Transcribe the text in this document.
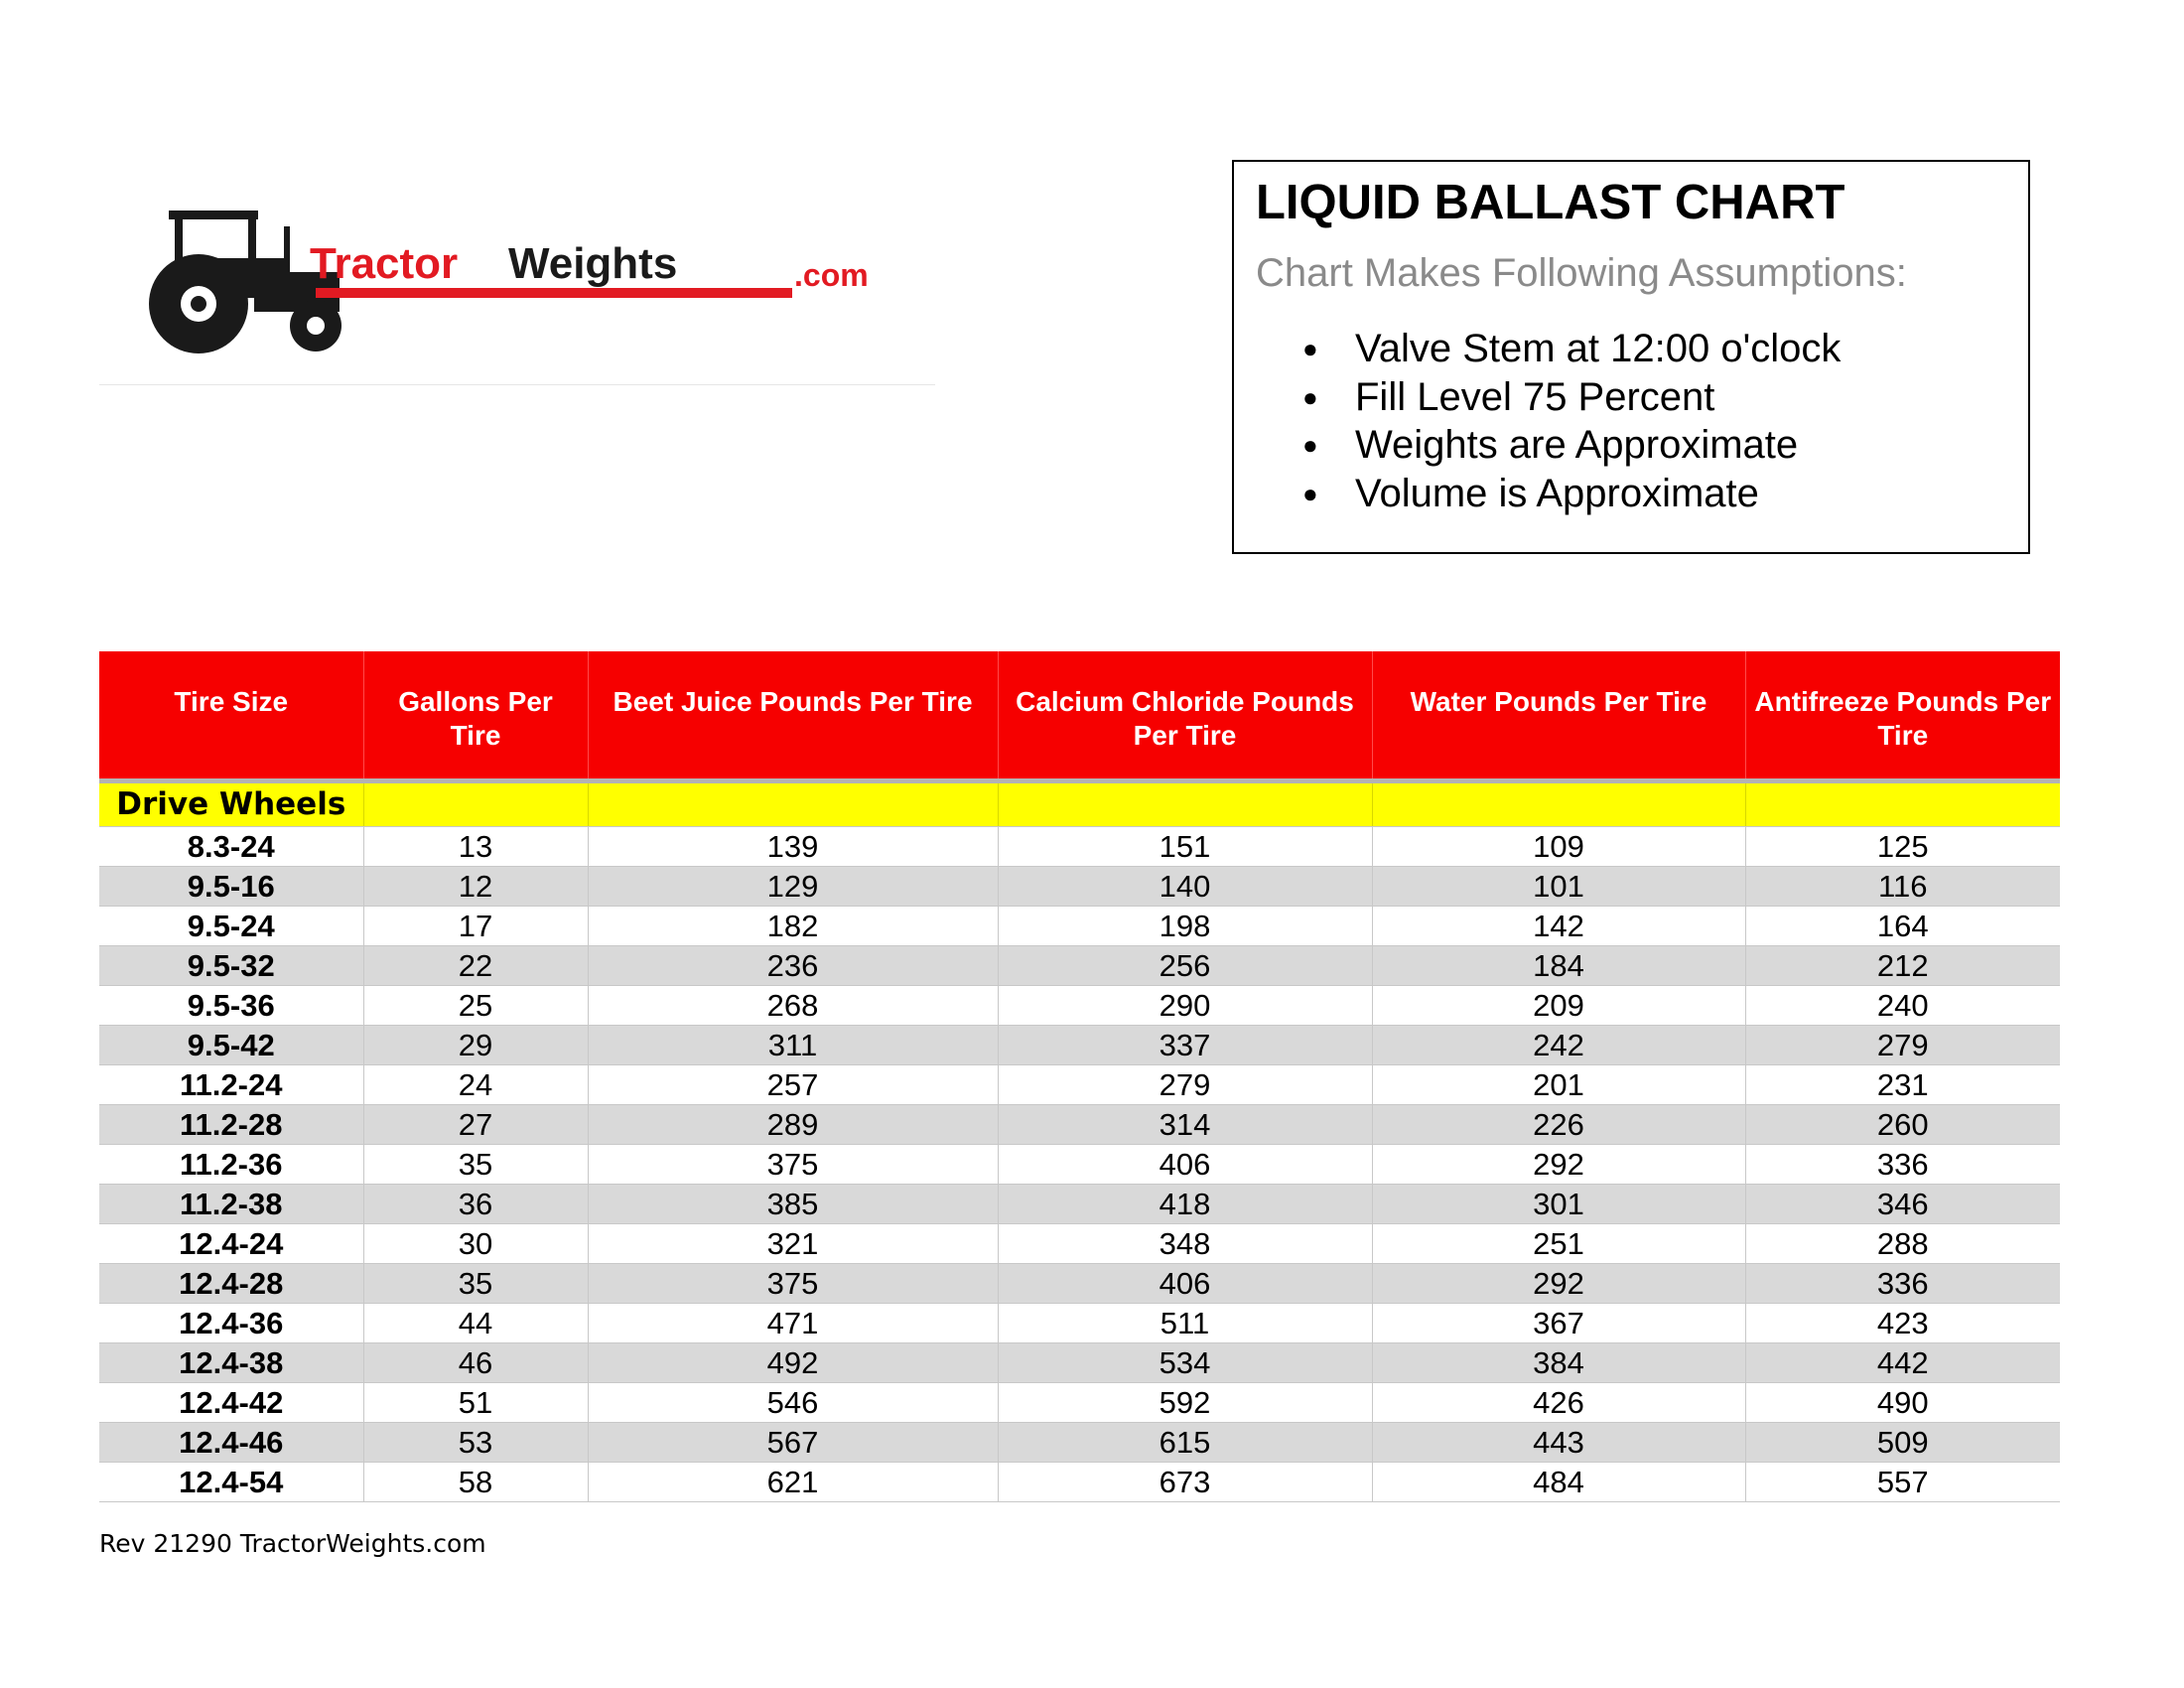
Tractor Weights	.com
LIQUID BALLAST CHART
Chart Makes Following Assumptions:
● Valve Stem at 12:00 o'clock
● Fill Level 75 Percent
● Weights are Approximate
● Volume is Approximate
Tire Size	Gallons Per Tire	Beet Juice Pounds Per Tire	Calcium Chloride Pounds Per Tire	Water Pounds Per Tire	Antifreeze Pounds Per Tire
Drive Wheels					
8.3-24	13	139	151	109	125
9.5-16	12	129	140	101	116
9.5-24	17	182	198	142	164
9.5-32	22	236	256	184	212
9.5-36	25	268	290	209	240
9.5-42	29	311	337	242	279
11.2-24	24	257	279	201	231
11.2-28	27	289	314	226	260
11.2-36	35	375	406	292	336
11.2-38	36	385	418	301	346
12.4-24	30	321	348	251	288
12.4-28	35	375	406	292	336
12.4-36	44	471	511	367	423
12.4-38	46	492	534	384	442
12.4-42	51	546	592	426	490
12.4-46	53	567	615	443	509
12.4-54	58	621	673	484	557
Rev 21290 TractorWeights.com
